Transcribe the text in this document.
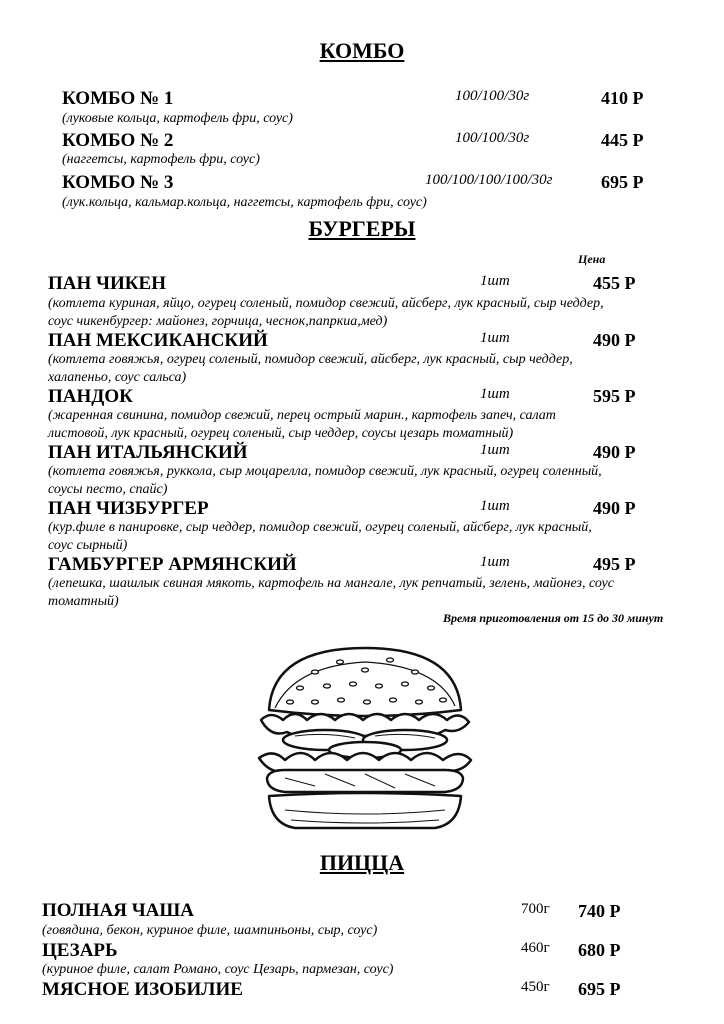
КОМБО
КОМБО № 1	100/100/30г	410 Р
(луковые кольца, картофель фри, соус)
КОМБО № 2	100/100/30г	445 Р
(наггетсы, картофель фри, соус)
КОМБО № 3	100/100/100/100/30г	695 Р
(лук.кольца, кальмар.кольца, наггетсы, картофель фри, соус)
БУРГЕРЫ
Цена
ПАН ЧИКЕН	1шт	455 Р
(котлета куриная, яйцо, огурец соленый, помидор свежий, айсберг, лук красный, сыр чеддер,
соус чикенбургер: майонез, горчица, чеснок,папркиа,мед)
ПАН МЕКСИКАНСКИЙ	1шт	490 Р
(котлета говяжья, огурец соленый, помидор свежий, айсберг, лук красный, сыр чеддер,
халапеньо, соус сальса)
ПАНДОК	1шт	595 Р
(жаренная свинина, помидор свежий, перец острый марин., картофель запеч, салат
листовой, лук красный, огурец соленый, сыр чеддер, соусы цезарь томатный)
ПАН ИТАЛЬЯНСКИЙ	1шт	490 Р
(котлета говяжья, руккола, сыр моцарелла, помидор свежий, лук красный, огурец соленный,
соусы песто, спайс)
ПАН ЧИЗБУРГЕР	1шт	490 Р
(кур.филе в панировке, сыр чеддер, помидор свежий, огурец соленый, айсберг, лук красный,
соус сырный)
ГАМБУРГЕР АРМЯНСКИЙ	1шт	495 Р
(лепешка, шашлык свиная мякоть, картофель на мангале, лук репчатый, зелень, майонез, соус
томатный)
Время приготовления от 15 до 30 минут
ПИЦЦА
ПОЛНАЯ ЧАША	700г 740 Р
(говядина, бекон, куриное филе, шампиньоны, сыр, соус)
ЦЕЗАРЬ	460г 680 Р
(куриное филе, салат Романо, соус Цезарь, пармезан, соус)
МЯСНОЕ ИЗОБИЛИЕ	450г 695 Р
